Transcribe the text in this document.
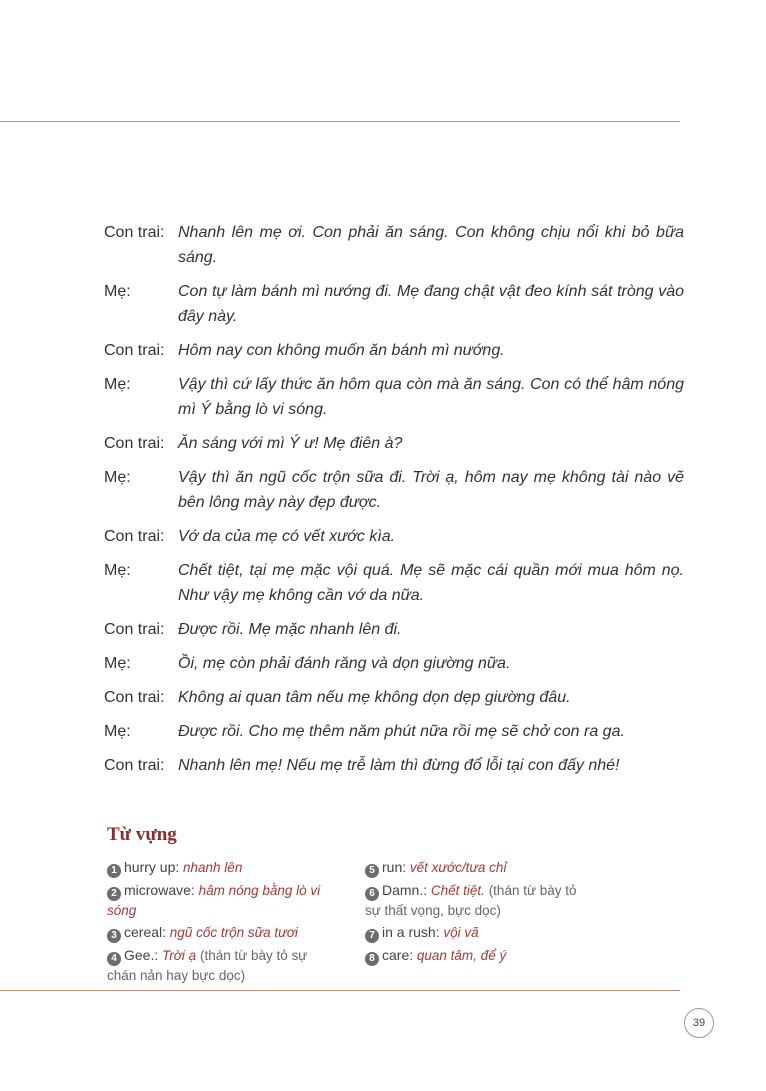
Con trai: Nhanh lên mẹ ơi. Con phải ăn sáng. Con không chịu nổi khi bỏ bữa sáng.
Mẹ:	Con tự làm bánh mì nướng đi. Mẹ đang chật vật đeo kính sát tròng vào đây này.
Con trai: Hôm nay con không muốn ăn bánh mì nướng.
Mẹ:	Vậy thì cứ lấy thức ăn hôm qua còn mà ăn sáng. Con có thể hâm nóng mì Ý bằng lò vi sóng.
Con trai: Ăn sáng với mì Ý ư! Mẹ điên à?
Mẹ:	Vậy thì ăn ngũ cốc trộn sữa đi. Trời ạ, hôm nay mẹ không tài nào vẽ bên lông mày này đẹp được.
Con trai: Vớ da của mẹ có vết xước kìa.
Mẹ:	Chết tiệt, tại mẹ mặc vội quá. Mẹ sẽ mặc cái quần mới mua hôm nọ. Như vậy mẹ không cần vớ da nữa.
Con trai: Được rồi. Mẹ mặc nhanh lên đi.
Mẹ:	Ồi, mẹ còn phải đánh răng và dọn giường nữa.
Con trai: Không ai quan tâm nếu mẹ không dọn dẹp giường đâu.
Mẹ:	Được rồi. Cho mẹ thêm năm phút nữa rồi mẹ sẽ chở con ra ga.
Con trai: Nhanh lên mẹ! Nếu mẹ trễ làm thì đừng đổ lỗi tại con đấy nhé!
Từ vựng
1 hurry up: nhanh lên
2 microwave: hâm nóng bằng lò vi sóng
3 cereal: ngũ cốc trộn sữa tươi
4 Gee.: Trời ạ (thán từ bày tỏ sự chán nản hay bực dọc)
5 run: vết xước/tưa chỉ
6 Damn.: Chết tiệt. (thán từ bày tỏ sự thất vọng, bực dọc)
7 in a rush: vội vã
8 care: quan tâm, để ý
39
